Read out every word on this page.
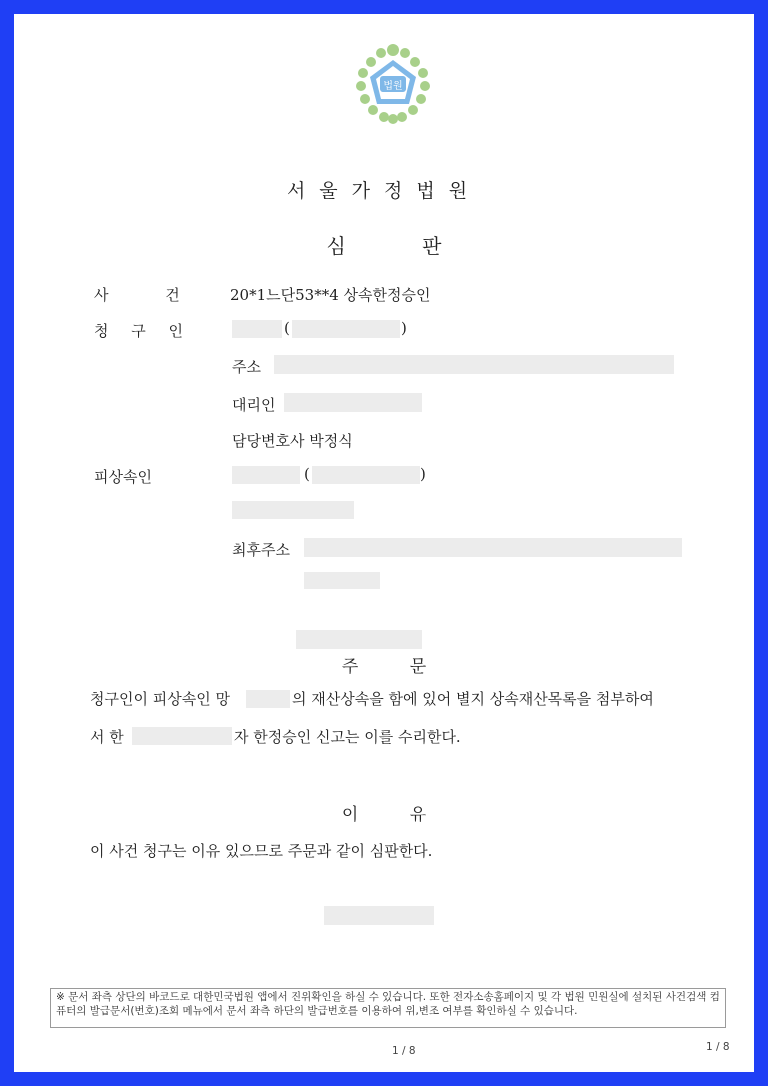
법원
서울가정법원
심 판
사 건	20*1느단53**4 상속한정승인
청 구 인	(	)
주소
대리인
담당변호사 박정식
피상속인	(	)
최후주소
주 문
청구인이 피상속인 망	의 재산상속을 함에 있어 별지 상속재산목록을 첨부하여
서 한	자 한정승인 신고는 이를 수리한다.
이 유
이 사건 청구는 이유 있으므로 주문과 같이 심판한다.
※ 문서 좌측 상단의 바코드로 대한민국법원 앱에서 진위확인을 하실 수 있습니다. 또한 전자소송홈페이지 및 각 법원 민원실에 설치된 사건검색 컴퓨터의 발급문서(번호)조회 메뉴에서 문서 좌측 하단의 발급번호를 이용하여 위,변조 여부를 확인하실 수 있습니다.
1 / 8	1 / 8
